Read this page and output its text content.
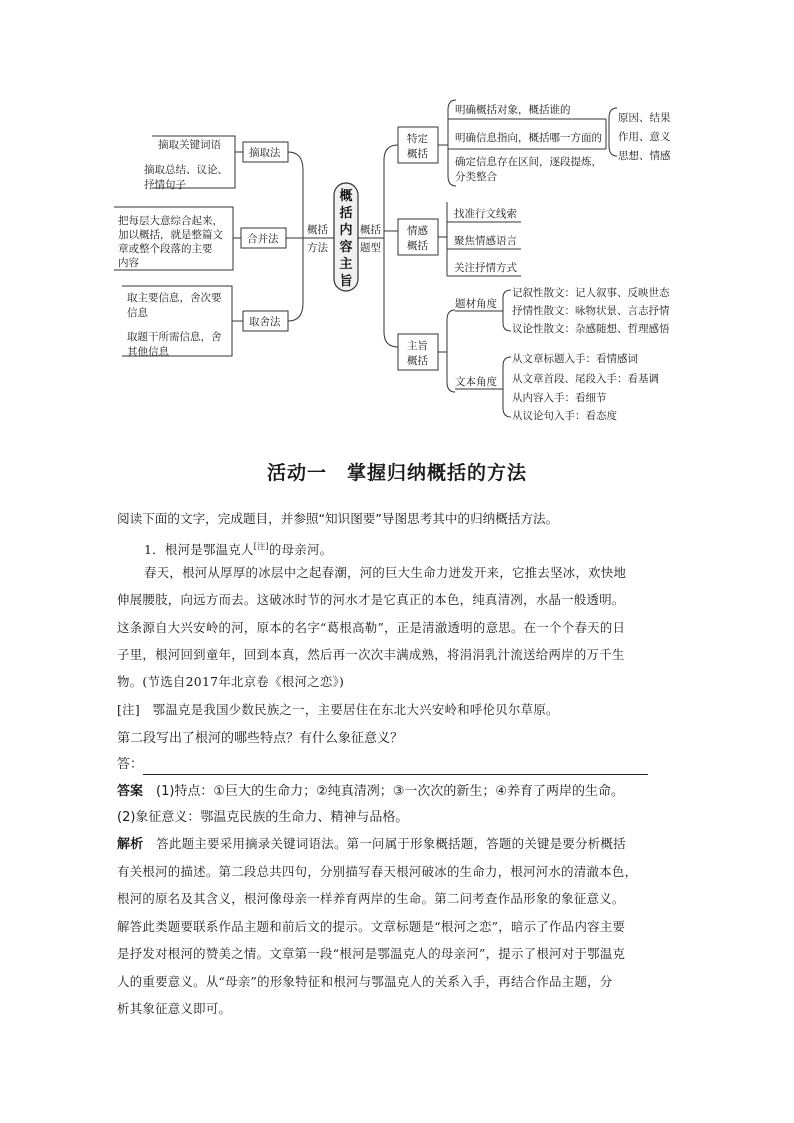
摘取关键词语
摘取总结、议论、
抒情句子
摘取法
把每层大意综合起来，
加以概括，就是整篇文
章或整个段落的主要
内容
合并法
取主要信息，舍次要
信息
取题干所需信息，舍
其他信息
取舍法
概括
方法
概
括
内
容
主
旨
概括
题型
特定
概括
明确概括对象，概括谁的
明确信息指向，概括哪一方面的
确定信息存在区间，逐段提炼，
分类整合
原因、结果
作用、意义
思想、情感
情感
概括
找准行文线索
聚焦情感语言
关注抒情方式
主旨
概括
题材角度
文本角度
记叙性散文：记人叙事、反映世态
抒情性散文：咏物状景、言志抒情
议论性散文：杂感随想、哲理感悟
从文章标题入手：看情感词
从文章首段、尾段入手：看基调
从内容入手：看细节
从议论句入手：看态度
活动一　掌握归纳概括的方法
阅读下面的文字，完成题目，并参照“知识图要”导图思考其中的归纳概括方法。
1．根河是鄂温克人[注]的母亲河。
春天，根河从厚厚的冰层中之起春潮，河的巨大生命力迸发开来，它推去坚冰，欢快地
伸展腰肢，向远方而去。这破冰时节的河水才是它真正的本色，纯真清冽，水晶一般透明。
这条源自大兴安岭的河，原本的名字“葛根高勒”，正是清澈透明的意思。在一个个春天的日
子里，根河回到童年，回到本真，然后再一次次丰满成熟，将涓涓乳汁流送给两岸的万千生
物。(节选自2017年北京卷《根河之恋》)
[注]　鄂温克是我国少数民族之一，主要居住在东北大兴安岭和呼伦贝尔草原。
第二段写出了根河的哪些特点？有什么象征意义？
答：
答案　(1)特点：①巨大的生命力；②纯真清冽；③一次次的新生；④养育了两岸的生命。
(2)象征意义：鄂温克民族的生命力、精神与品格。
解析　答此题主要采用摘录关键词语法。第一问属于形象概括题，答题的关键是要分析概括
有关根河的描述。第二段总共四句，分别描写春天根河破冰的生命力，根河河水的清澈本色，
根河的原名及其含义，根河像母亲一样养育两岸的生命。第二问考查作品形象的象征意义。
解答此类题要联系作品主题和前后文的提示。文章标题是“根河之恋”，暗示了作品内容主要
是抒发对根河的赞美之情。文章第一段“根河是鄂温克人的母亲河”，提示了根河对于鄂温克
人的重要意义。从“母亲”的形象特征和根河与鄂温克人的关系入手，再结合作品主题，分
析其象征意义即可。
